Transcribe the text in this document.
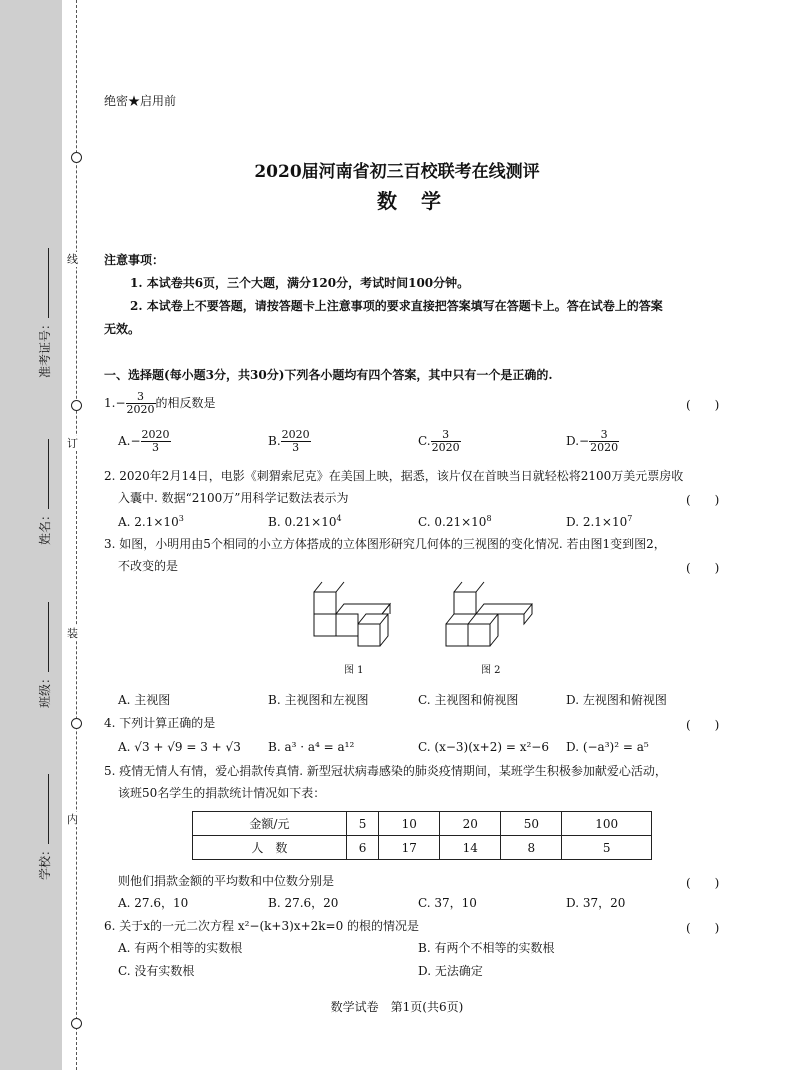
线
订
装
内
准考证号：
姓名：
班级：
学校：
绝密★启用前
2020届河南省初三百校联考在线测评
数学
注意事项：
1. 本试卷共6页，三个大题，满分120分，考试时间100分钟。
2. 本试卷上不要答题，请按答题卡上注意事项的要求直接把答案填写在答题卡上。答在试卷上的答案
无效。
一、选择题(每小题3分，共30分)下列各小题均有四个答案，其中只有一个是正确的.
$1.- \frac{3}{2020}$ 的相反数是	(　　)
$A.- \frac{2020}{3}$	B. $\frac{2020}{3}$	C. $\frac{3}{2020}$	$D.- \frac{3}{2020}$
2. 2020年2月14日，电影《刺猬索尼克》在美国上映，据悉，该片仅在首映当日就轻松将2100万美元票房收
入囊中. 数据“2100万”用科学记数法表示为	(　　)
A. $2.1\times 10^3$	B. $0.21\times 10^4$	C. $0.21\times 10^8$	D. $2.1\times 10^7$
3. 如图，小明用由5个相同的小立方体搭成的立体图形研究几何体的三视图的变化情况. 若由图1变到图2，
不改变的是	(　　)
图 1	图 2
A. 主视图	B. 主视图和左视图	C. 主视图和俯视图	D. 左视图和俯视图
4. 下列计算正确的是	(　　)
A. √3 + √9 = 3 + √3 B. a³ · a⁴ = a¹²	C. (x−3)(x+2) = x²−6 D. (−a³)² = a⁵
5. 疫情无情人有情，爱心捐款传真情. 新型冠状病毒感染的肺炎疫情期间，某班学生积极参加献爱心活动，
该班50名学生的捐款统计情况如下表：
金额/元	5	10	20	50	100
人　数	6	17	14	8	5
则他们捐款金额的平均数和中位数分别是	(　　)
A. 27.6，10	B. 27.6，20	C. 37，10	D. 37，20
6. 关于x的一元二次方程 x²−(k+3)x+2k=0 的根的情况是	(　　)
A. 有两个相等的实数根	B. 有两个不相等的实数根
C. 没有实数根	D. 无法确定
数学试卷　第1页(共6页)
